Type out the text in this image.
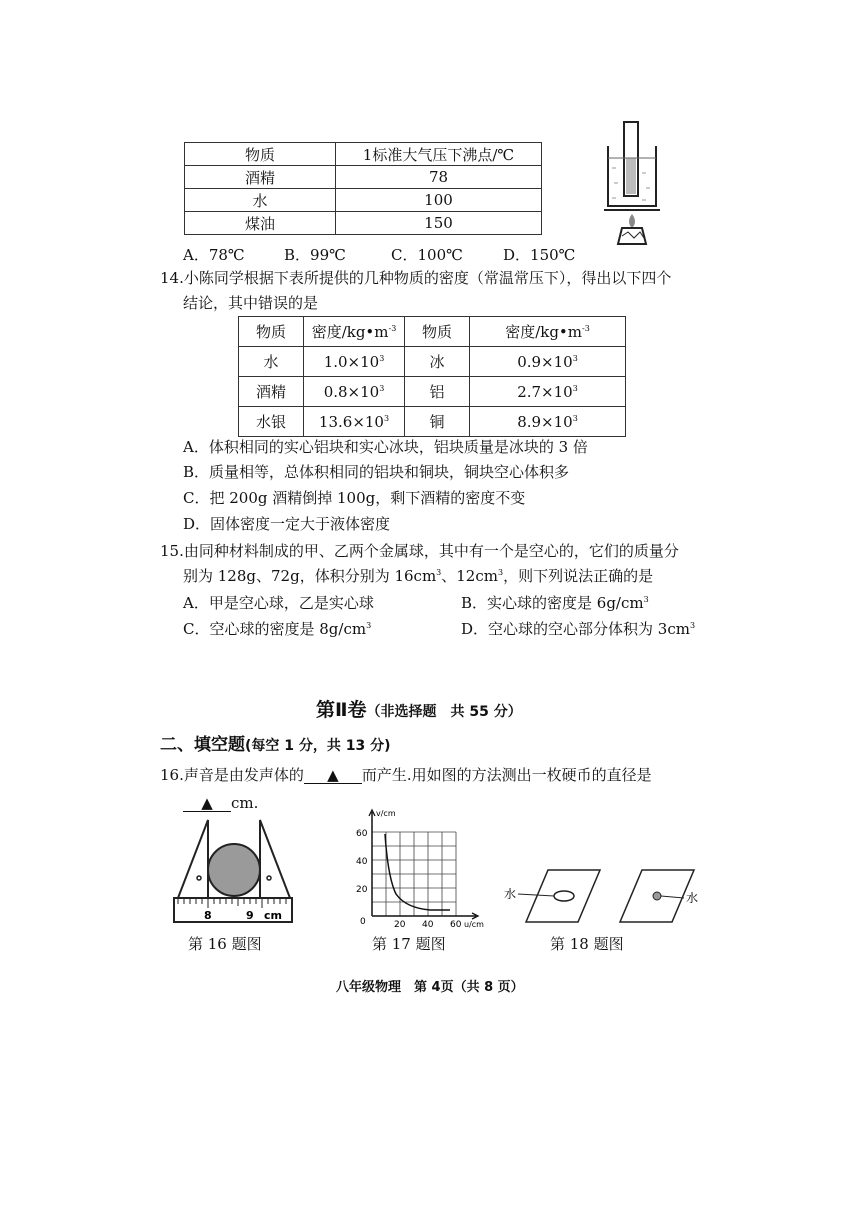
物质	1标准大气压下沸点/℃
酒精	78
水	100
煤油	150
A．78℃	B．99℃	C．100℃	D．150℃
14.小陈同学根据下表所提供的几种物质的密度（常温常压下），得出以下四个
结论，其中错误的是
物质	密度$/kg•m^{-3}$	物质	密度$/kg•m^{-3}$
水	$1.0\times 10^3$	冰	$0.9\times 10^3$
酒精	$0.8\times 10^3$	铝	$2.7\times 10^3$
水银	$13.6\times 10^3$	铜	$8.9\times 10^3$
A．体积相同的实心铝块和实心冰块，铝块质量是冰块的 3 倍
B．质量相等，总体积相同的铝块和铜块，铜块空心体积多
C．把 200g 酒精倒掉 100g，剩下酒精的密度不变
D．固体密度一定大于液体密度
15.由同种材料制成的甲、乙两个金属球，其中有一个是空心的，它们的质量分
别为 128g、72g，体积分别为 $16cm^3$、$12cm^3$，则下列说法正确的是
A．甲是空心球，乙是实心球	B．实心球的密度是 $6g/cm^3$
C．空心球的密度是 $8g/cm^3$	D．空心球的空心部分体积为 $3cm^3$
第Ⅱ卷（非选择题　共 55 分）
二、填空题(每空 1 分，共 13 分)
16.声音是由发声体的 ▲ 而产生.用如图的方法测出一枚硬币的直径是
▲ cm.
8	9 cm
v/cm
60
40
20
0	20 40 60 u/cm
水	水
第 16 题图	第 17 题图	第 18 题图
八年级物理　第 4页（共 8 页）
